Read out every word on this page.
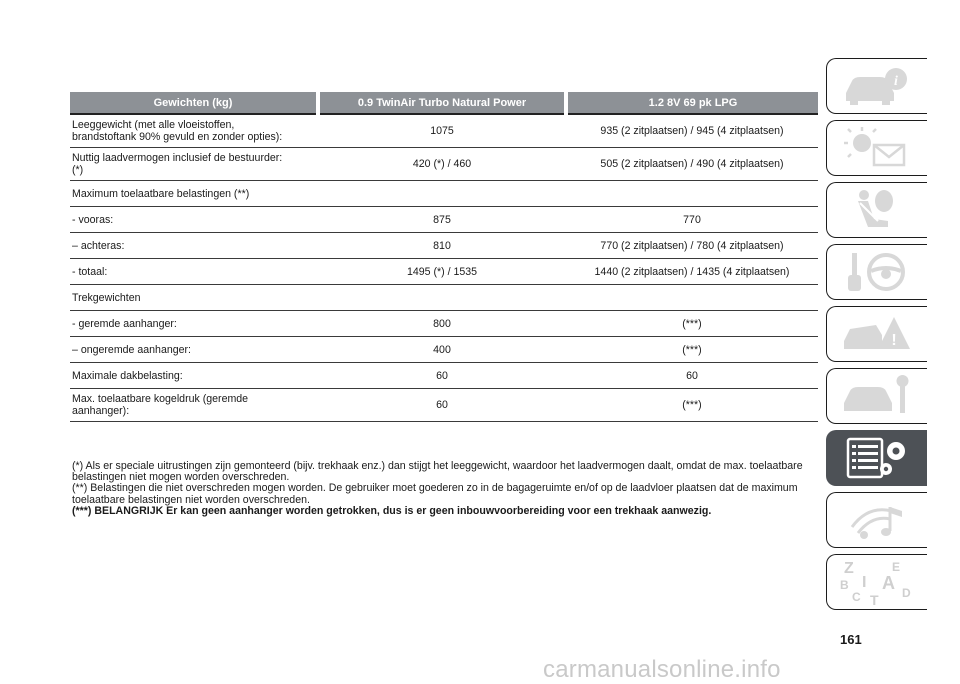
Gewichten (kg)	0.9 TwinAir Turbo Natural Power	1.2 8V 69 pk LPG
Leeggewicht (met alle vloeistoffen,
brandstoftank 90% gevuld en zonder opties):	1075	935 (2 zitplaatsen) / 945 (4 zitplaatsen)
Nuttig laadvermogen inclusief de bestuurder:
(*)	420 (*) / 460	505 (2 zitplaatsen) / 490 (4 zitplaatsen)
Maximum toelaatbare belastingen (**)		
- vooras:	875	770
– achteras:	810	770 (2 zitplaatsen) / 780 (4 zitplaatsen)
- totaal:	1495 (*) / 1535	1440 (2 zitplaatsen) / 1435 (4 zitplaatsen)
Trekgewichten		
- geremde aanhanger:	800	(***)
– ongeremde aanhanger:	400	(***)
Maximale dakbelasting:	60	60
Max. toelaatbare kogeldruk (geremde
aanhanger):	60	(***)

(*) Als er speciale uitrustingen zijn gemonteerd (bijv. trekhaak enz.) dan stijgt het leeggewicht, waardoor het laadvermogen daalt, omdat de max. toelaatbare belastingen niet mogen worden overschreden.

(**) Belastingen die niet overschreden mogen worden. De gebruiker moet goederen zo in de bagageruimte en/of op de laadvloer plaatsen dat de maximum toelaatbare belastingen niet worden overschreden.

(***) BELANGRIJK Er kan geen aanhanger worden getrokken, dus is er geen inbouwvoorbereiding voor een trekhaak aanwezig.

i
!
Z	E
B A
C	D
T
I
161
carmanualsonline.info
